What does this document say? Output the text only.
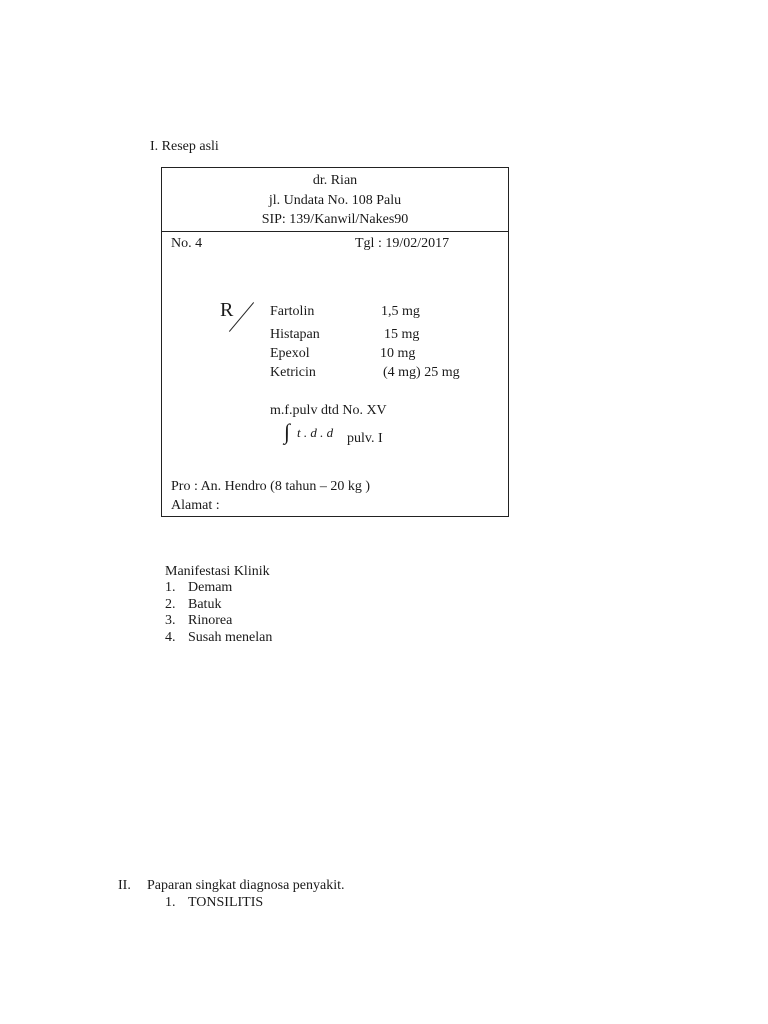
I. Resep asli
dr. Rian
jl. Undata No. 108 Palu
SIP: 139/Kanwil/Nakes90
No. 4	Tgl : 19/02/2017
R	Fartolin	1,5 mg
Histapan	15 mg
Epexol	10 mg
Ketricin	(4 mg) 25 mg
m.f.pulv dtd No. XV
∫ t . d . d pulv. I
Pro : An. Hendro (8 tahun – 20 kg )
Alamat :
Manifestasi Klinik
1. Demam
2. Batuk
3. Rinorea
4. Susah menelan
II. Paparan singkat diagnosa penyakit.
1. TONSILITIS
